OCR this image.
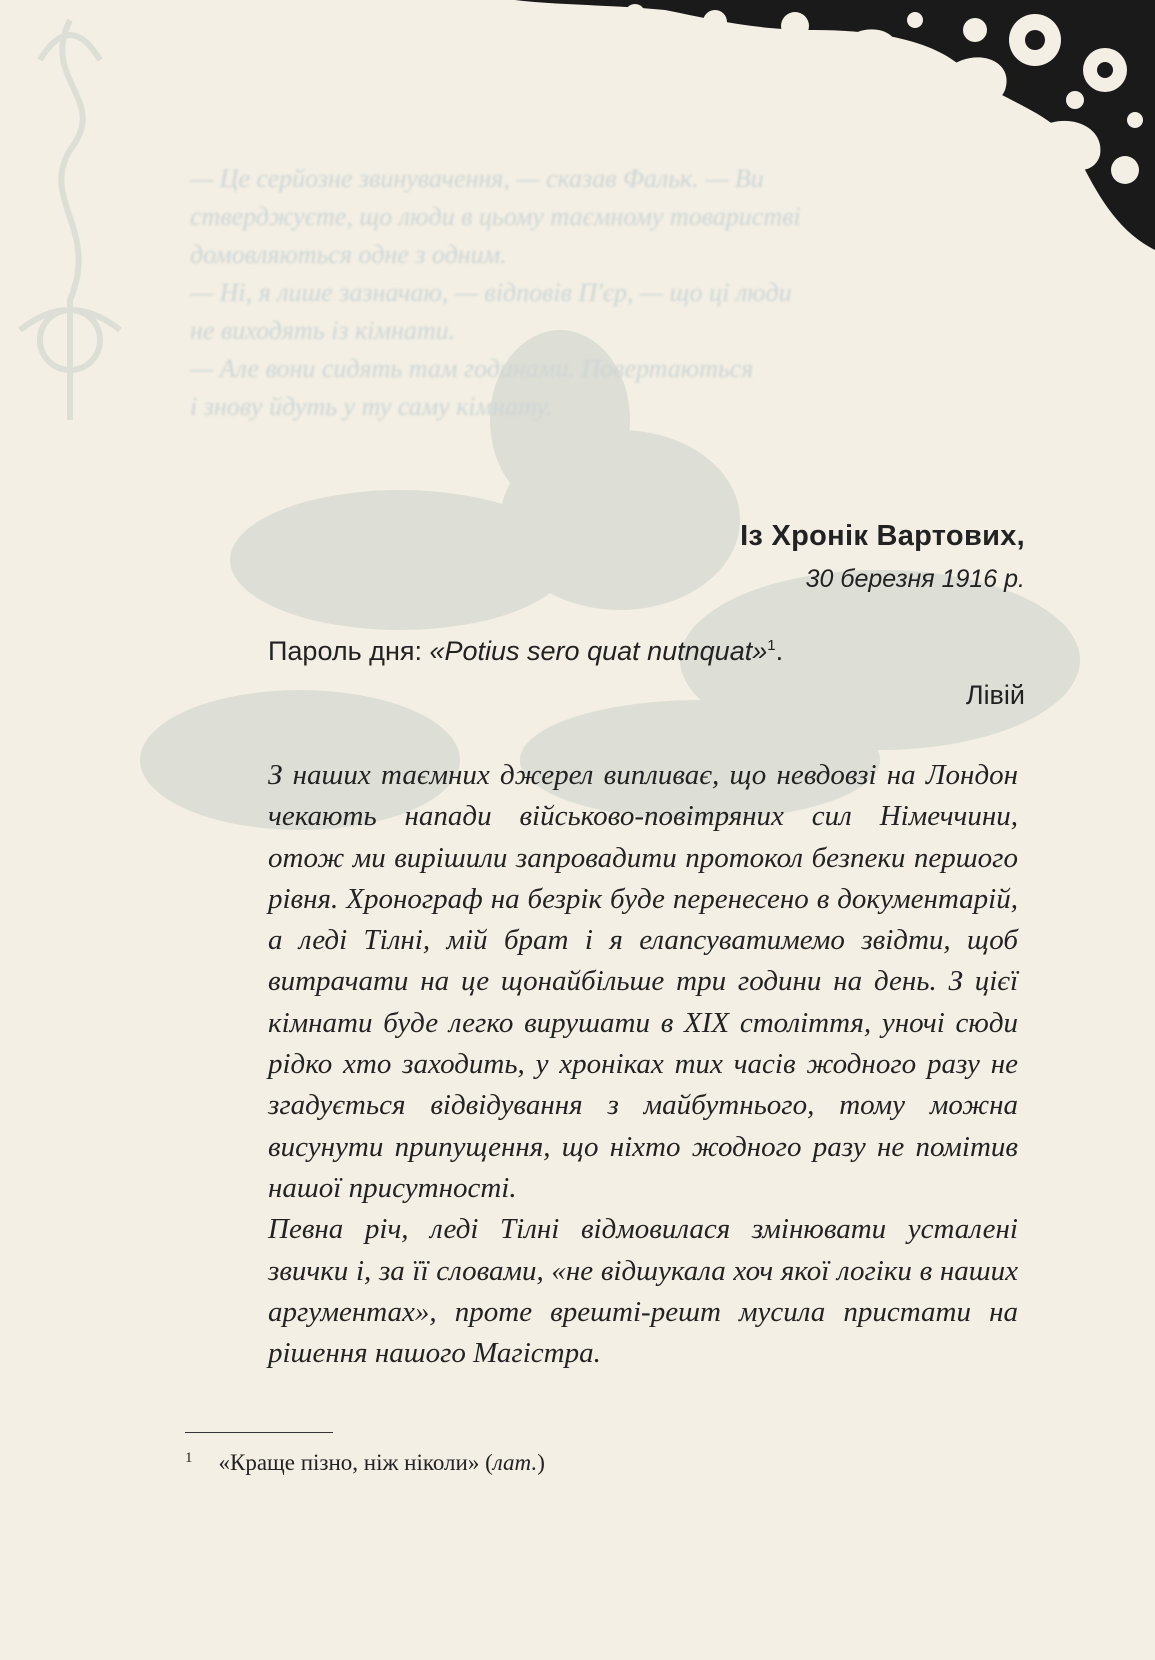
— Це серйозне звинувачення, — сказав Фальк. — Ви
стверджуєте, що люди в цьому таємному товаристві
домовляються одне з одним.
— Ні, я лише зазначаю, — відповів П'єр, — що ці люди
не виходять із кімнати.
— Але вони сидять там годинами. Повертаються
і знову йдуть у ту саму кімнату.
Із Хронік Вартових,
30 березня 1916 р.
Пароль дня: «Potius sero quat nutnquat»$^1$.
Лівій

З наших таємних джерел випливає, що невдовзі на Лондон чекають напади військово-повітряних сил Німеччини, отож ми вирішили запровадити протокол безпеки першого рівня. Хронограф на безрік буде перенесено в документарій, а леді Тілні, мій брат і я елапсуватимемо звідти, щоб витрачати на це щонайбільше три години на день. З цієї кімнати буде легко вирушати в XIX століття, уночі сюди рідко хто заходить, у хроніках тих часів жодного разу не згадується відвідування з майбутнього, тому можна висунути припущення, що ніхто жодного разу не помітив нашої присутності.

Певна річ, леді Тілні відмовилася змінювати усталені звички і, за її словами, «не відшукала хоч якої логіки в наших аргументах», проте врешті-решт мусила пристати на рішення нашого Магістра.

$^1$ «Краще пізно, ніж ніколи» (лат.)
